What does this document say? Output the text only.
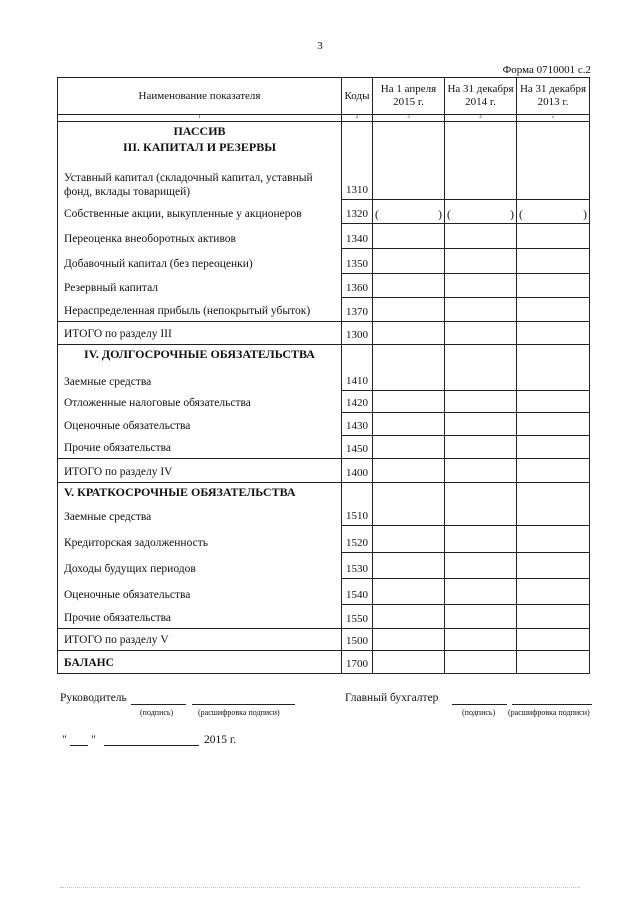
3
Форма 0710001 с.2
Наименование показателя	Коды	На 1 апреля 2015 г.	На 31 декабря 2014 г.	На 31 декабря 2013 г.
1	2	3	4	5

ПАССИВ
III. КАПИТАЛ И РЕЗЕРВЫ
Уставный капитал (складочный капитал, уставный фонд, вклады товарищей)	1310			
Собственные акции, выкупленные у акционеров	1320	( )	( )	( )

Переоценка внеоборотных активов	1340			
Добавочный капитал (без переоценки)	1350			
Резервный капитал	1360			
Нераспределенная прибыль (непокрытый убыток)	1370			
ИТОГО по разделу III	1300			

IV. ДОЛГОСРОЧНЫЕ ОБЯЗАТЕЛЬСТВА
Заемные средства	1410			
Отложенные налоговые обязательства	1420			
Оценочные обязательства	1430			
Прочие обязательства	1450			
ИТОГО по разделу IV	1400			

V. КРАТКОСРОЧНЫЕ ОБЯЗАТЕЛЬСТВА
Заемные средства	1510			
Кредиторская задолженность	1520			
Доходы будущих периодов	1530			
Оценочные обязательства	1540			
Прочие обязательства	1550			
ИТОГО по разделу V	1500			
БАЛАНС	1700			
Руководитель
(подпись)	(расшифровка подписи)
Главный бухгалтер
(подпись) (расшифровка подписи)
" "	2015 г.
